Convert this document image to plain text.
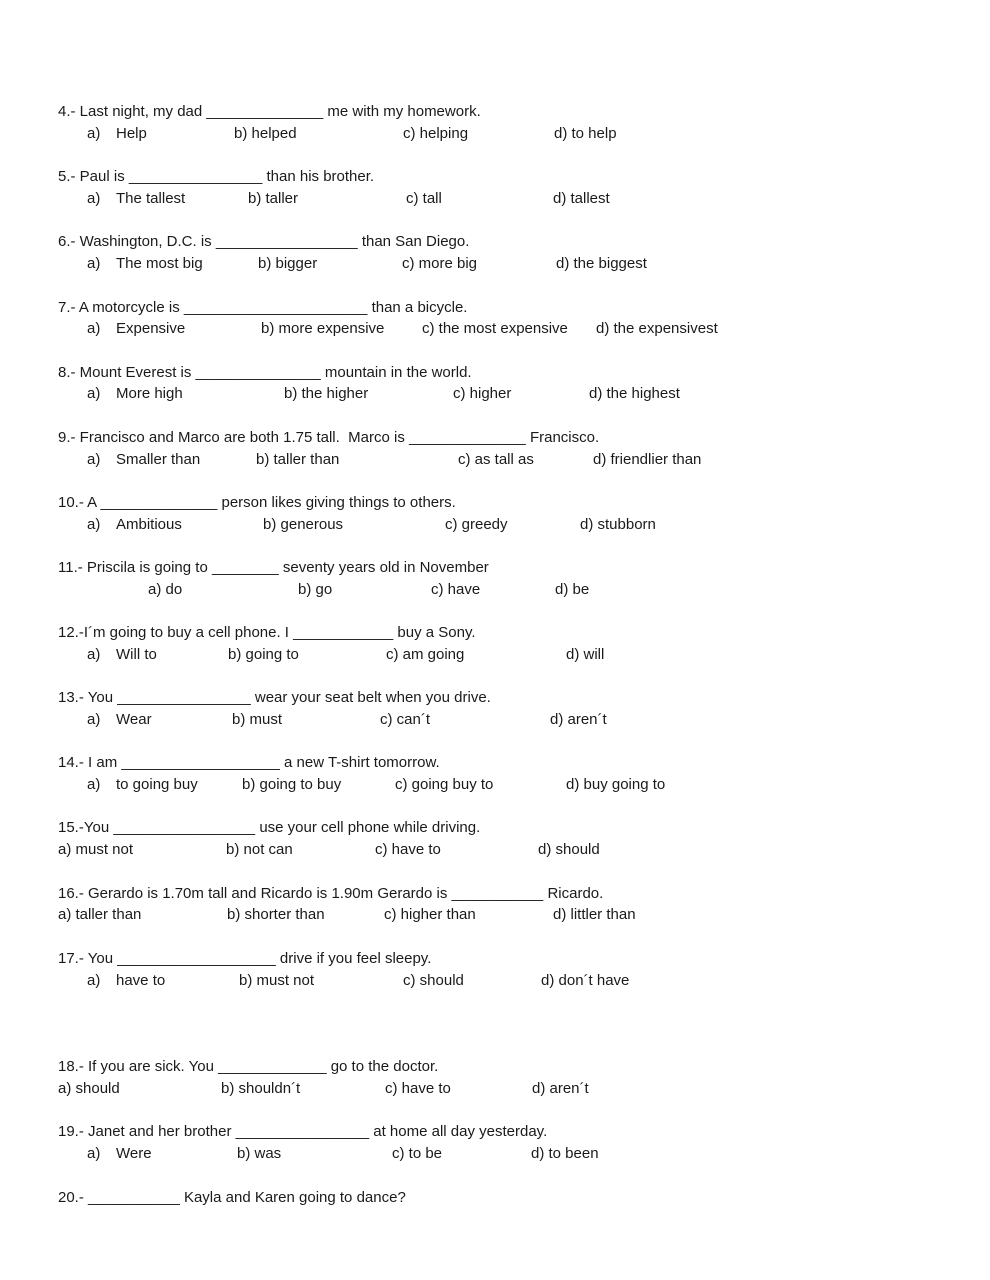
4.- Last night, my dad ______________ me with my homework.
a) Help	b) helped	c) helping	d) to help
5.- Paul is ________________ than his brother.
a) The tallest	b) taller	c) tall	d) tallest
6.- Washington, D.C. is _________________ than San Diego.
a) The most big	b) bigger	c) more big	d) the biggest
7.- A motorcycle is ______________________ than a bicycle.
a) Expensive	b) more expensive	c) the most expensive d) the expensivest
8.- Mount Everest is _______________ mountain in the world.
a) More high	b) the higher	c) higher	d) the highest
9.- Francisco and Marco are both 1.75 tall.  Marco is ______________ Francisco.
a) Smaller than	b) taller than	c) as tall as	d) friendlier than
10.- A ______________ person likes giving things to others.
a) Ambitious	b) generous	c) greedy	d) stubborn
11.- Priscila is going to ________ seventy years old in November
a) do	b) go	c) have	d) be
12.-I´m going to buy a cell phone. I ____________ buy a Sony.
a) Will to	b) going to	c) am going	d) will
13.- You ________________ wear your seat belt when you drive.
a) Wear	b) must	c) can´t	d) aren´t
14.- I am ___________________ a new T-shirt tomorrow.
a) to going buy	b) going to buy	c) going buy to	d) buy going to
15.-You _________________ use your cell phone while driving.
a) must not	b) not can	c) have to	d) should
16.- Gerardo is 1.70m tall and Ricardo is 1.90m Gerardo is ___________ Ricardo.
a) taller than	b) shorter than	c) higher than	d) littler than
17.- You ___________________ drive if you feel sleepy.
a) have to	b) must not	c) should	d) don´t have
18.- If you are sick. You _____________ go to the doctor.
a) should	b) shouldn´t	c) have to	d) aren´t
19.- Janet and her brother ________________ at home all day yesterday.
a) Were	b) was	c) to be	d) to been
20.- ___________ Kayla and Karen going to dance?
